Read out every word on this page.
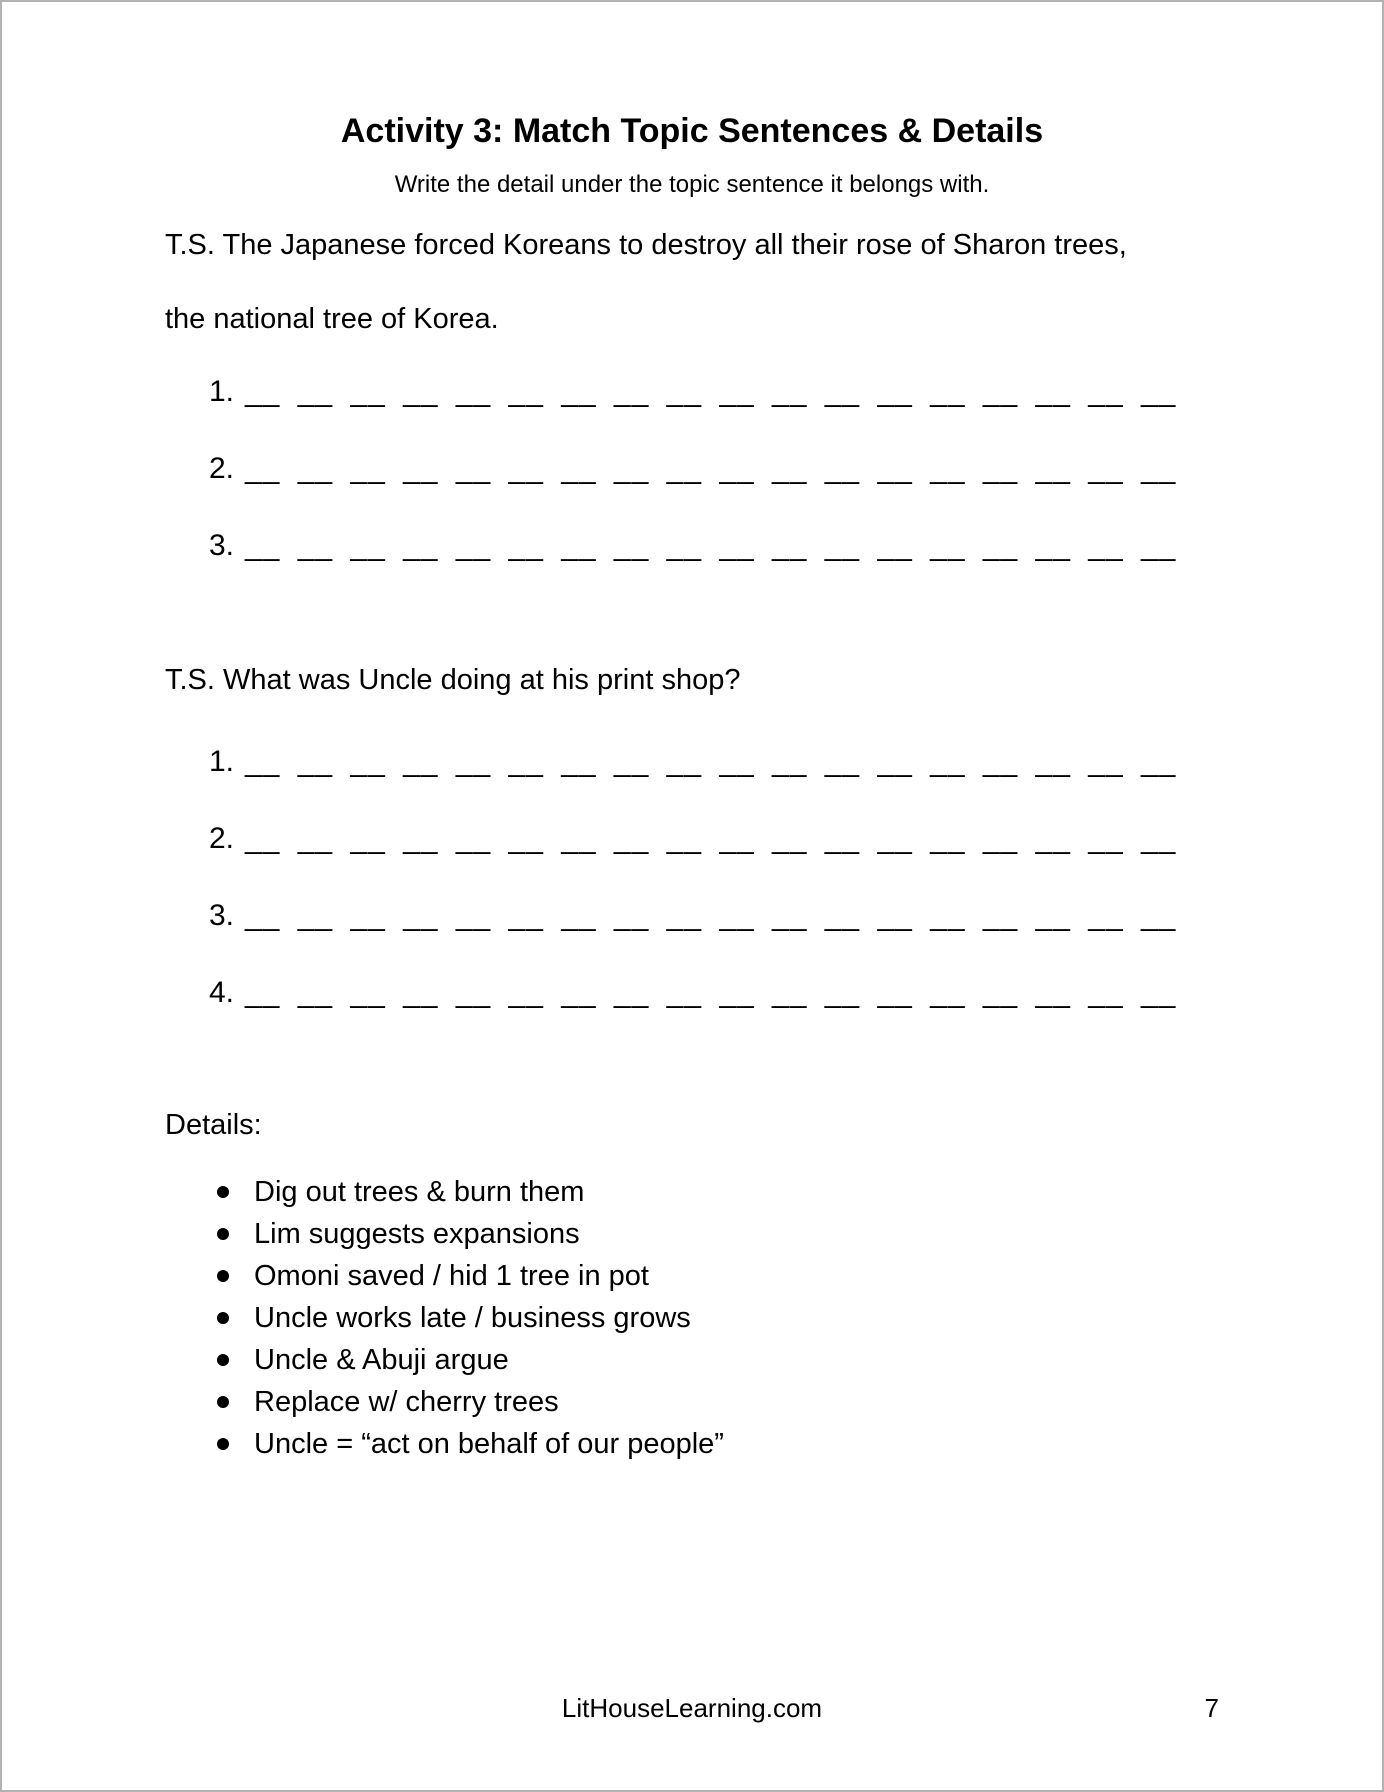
Activity 3: Match Topic Sentences & Details

Write the detail under the topic sentence it belongs with.

T.S. The Japanese forced Koreans to destroy all their rose of Sharon trees,
the national tree of Korea.
1. __ __ __ __ __ __ __ __ __ __ __ __ __ __ __ __ __ __
2. __ __ __ __ __ __ __ __ __ __ __ __ __ __ __ __ __ __
3. __ __ __ __ __ __ __ __ __ __ __ __ __ __ __ __ __ __
T.S. What was Uncle doing at his print shop?
1. __ __ __ __ __ __ __ __ __ __ __ __ __ __ __ __ __ __
2. __ __ __ __ __ __ __ __ __ __ __ __ __ __ __ __ __ __
3. __ __ __ __ __ __ __ __ __ __ __ __ __ __ __ __ __ __
4. __ __ __ __ __ __ __ __ __ __ __ __ __ __ __ __ __ __

Details:

Dig out trees & burn them
Lim suggests expansions
Omoni saved / hid 1 tree in pot
Uncle works late / business grows
Uncle & Abuji argue
Replace w/ cherry trees
Uncle = “act on behalf of our people”
LitHouseLearning.com	7
